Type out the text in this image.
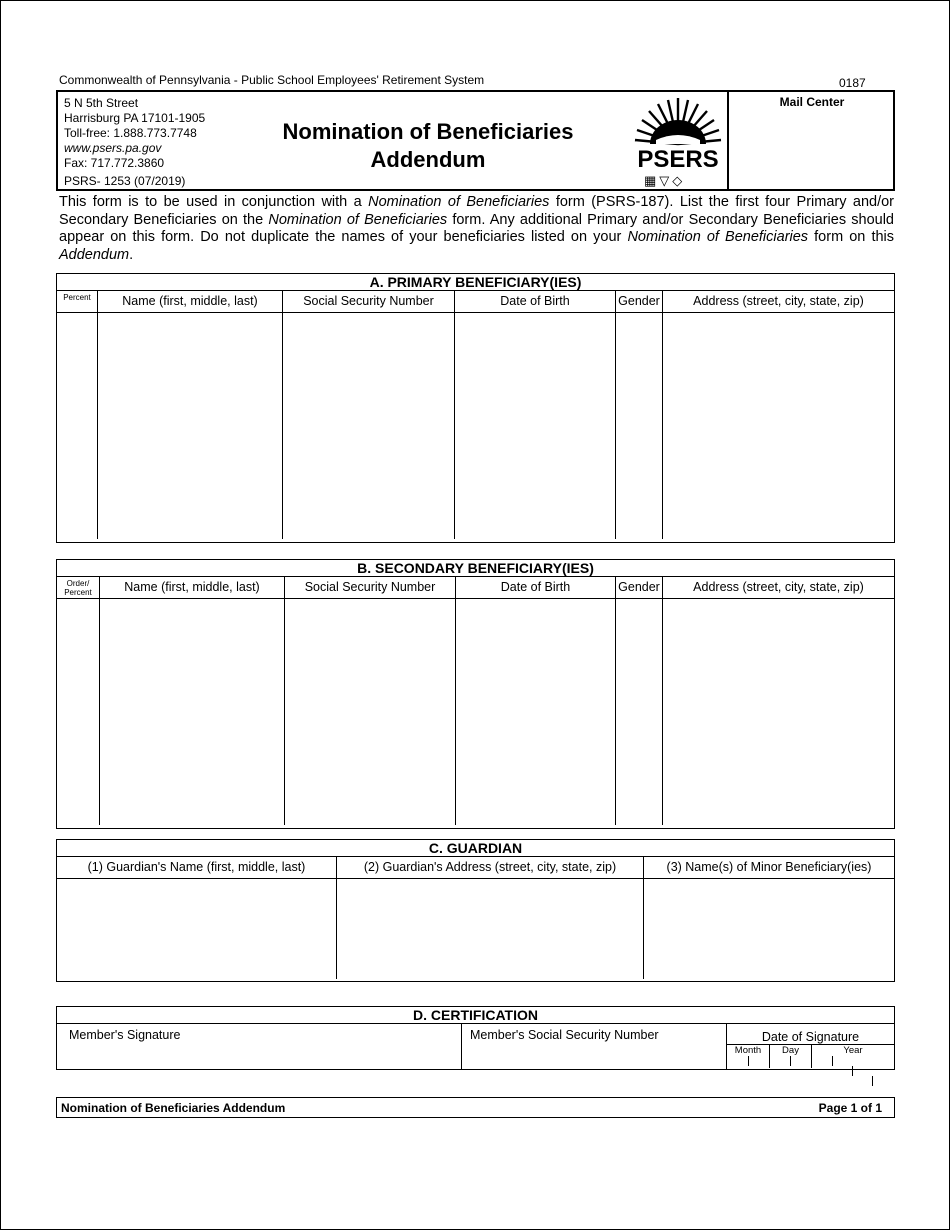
Commonwealth of Pennsylvania - Public School Employees' Retirement System	0187
5 N 5th Street
Harrisburg PA 17101-1905
Toll-free: 1.888.773.7748
www.psers.pa.gov
Fax: 717.772.3860
PSRS- 1253 (07/2019)
Nomination of Beneficiaries
Addendum	PSERS
▦▽◇
Mail Center
This form is to be used in conjunction with a Nomination of Beneficiaries form (PSRS-187). List the first four Primary and/or Secondary Beneficiaries on the Nomination of Beneficiaries form. Any additional Primary and/or Secondary Beneficiaries should appear on this form. Do not duplicate the names of your beneficiaries listed on your Nomination of Beneficiaries form on this Addendum.
A. PRIMARY BENEFICIARY(IES)
Percent	Name (first, middle, last)	Social Security Number	Date of Birth	Gender	Address (street, city, state, zip)
B. SECONDARY BENEFICIARY(IES)
Order/
Percent	Name (first, middle, last)	Social Security Number	Date of Birth	Gender	Address (street, city, state, zip)
C. GUARDIAN
(1) Guardian's Name (first, middle, last)	(2) Guardian's Address (street, city, state, zip)	(3) Name(s) of Minor Beneficiary(ies)
D. CERTIFICATION
Member's Signature	Member's Social Security Number	Date of Signature
Month	Day	Year
Nomination of Beneficiaries Addendum	Page 1 of 1
